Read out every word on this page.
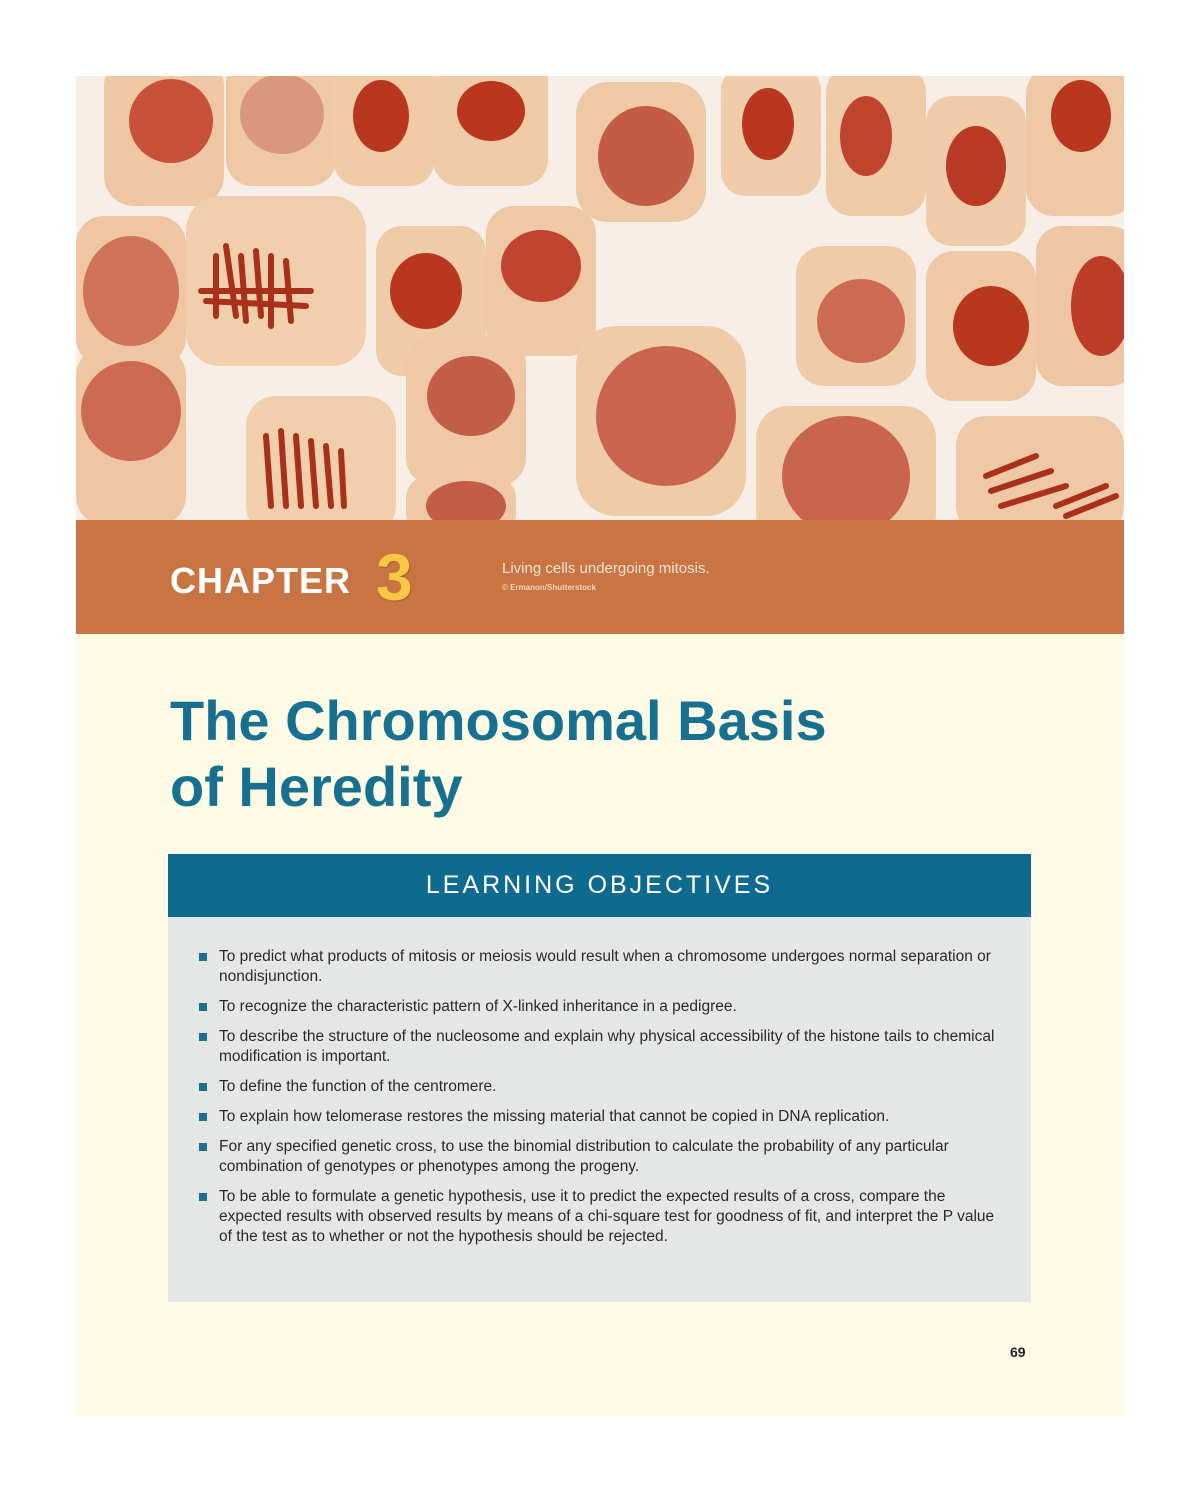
CHAPTER 3	Living cells undergoing mitosis.
© Ermanon/Shutterstock
The Chromosomal Basis
of Heredity
LEARNING OBJECTIVES
To predict what products of mitosis or meiosis would result when a chromosome undergoes normal separation or nondisjunction.
To recognize the characteristic pattern of X-linked inheritance in a pedigree.
To describe the structure of the nucleosome and explain why physical accessibility of the histone tails to chemical modification is important.
To define the function of the centromere.
To explain how telomerase restores the missing material that cannot be copied in DNA replication.
For any specified genetic cross, to use the binomial distribution to calculate the probability of any particular combination of genotypes or phenotypes among the progeny.
To be able to formulate a genetic hypothesis, use it to predict the expected results of a cross, compare the expected results with observed results by means of a chi-square test for goodness of fit, and interpret the P value of the test as to whether or not the hypothesis should be rejected.
69
